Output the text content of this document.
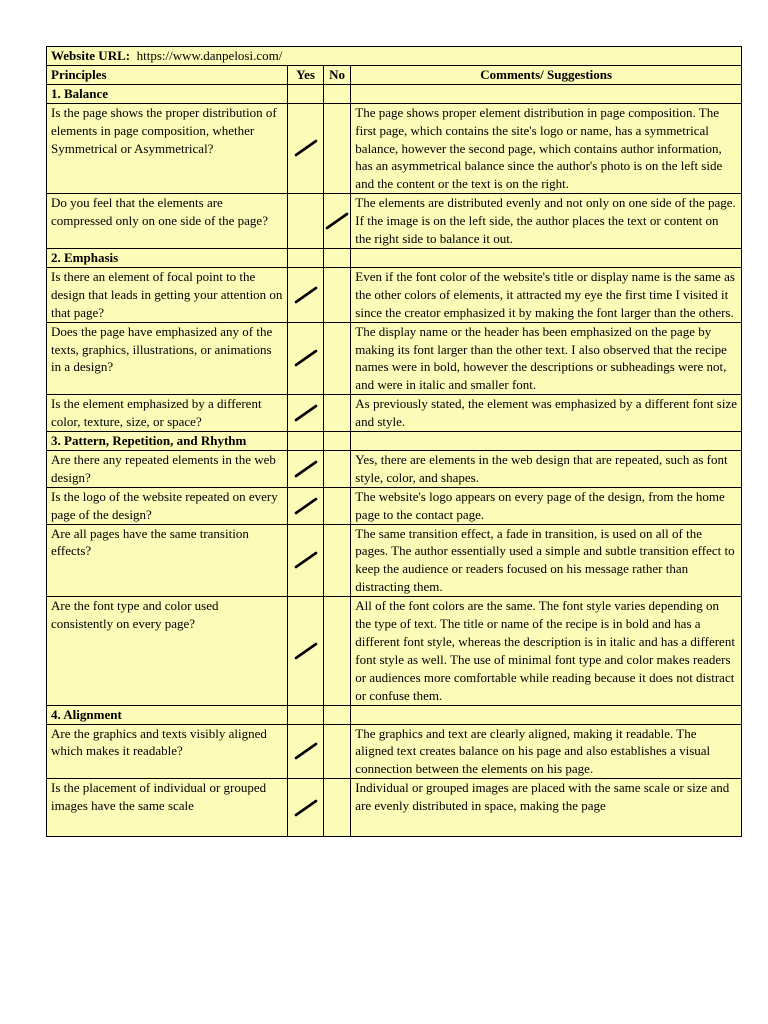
Website URL: https://www.danpelosi.com/			
Principles	Yes	No	Comments/ Suggestions
1. Balance			
Is the page shows the proper distribution of elements in page composition, whether Symmetrical or Asymmetrical?			The page shows proper element distribution in page composition. The first page, which contains the site's logo or name, has a symmetrical balance, however the second page, which contains author information, has an asymmetrical balance since the author's photo is on the left side and the content or the text is on the right.
Do you feel that the elements are compressed only on one side of the page?			The elements are distributed evenly and not only on one side of the page. If the image is on the left side, the author places the text or content on the right side to balance it out.
2. Emphasis			
Is there an element of focal point to the design that leads in getting your attention on that page?			Even if the font color of the website's title or display name is the same as the other colors of elements, it attracted my eye the first time I visited it since the creator emphasized it by making the font larger than the others.
Does the page have emphasized any of the texts, graphics, illustrations, or animations in a design?			The display name or the header has been emphasized on the page by making its font larger than the other text. I also observed that the recipe names were in bold, however the descriptions or subheadings were not, and were in italic and smaller font.
Is the element emphasized by a different color, texture, size, or space?			As previously stated, the element was emphasized by a different font size and style.
3. Pattern, Repetition, and Rhythm			
Are there any repeated elements in the web design?			Yes, there are elements in the web design that are repeated, such as font style, color, and shapes.
Is the logo of the website repeated on every page of the design?			The website's logo appears on every page of the design, from the home page to the contact page.
Are all pages have the same transition effects?			The same transition effect, a fade in transition, is used on all of the pages. The author essentially used a simple and subtle transition effect to keep the audience or readers focused on his message rather than distracting them.
Are the font type and color used consistently on every page?			All of the font colors are the same. The font style varies depending on the type of text. The title or name of the recipe is in bold and has a different font style, whereas the description is in italic and has a different font style as well. The use of minimal font type and color makes readers or audiences more comfortable while reading because it does not distract or confuse them.
4. Alignment			
Are the graphics and texts visibly aligned which makes it readable?			The graphics and text are clearly aligned, making it readable. The aligned text creates balance on his page and also establishes a visual connection between the elements on his page.

Is the placement of individual or grouped images have the same scale			Individual or grouped images are placed with the same scale or size and are evenly distributed in space, making the page
